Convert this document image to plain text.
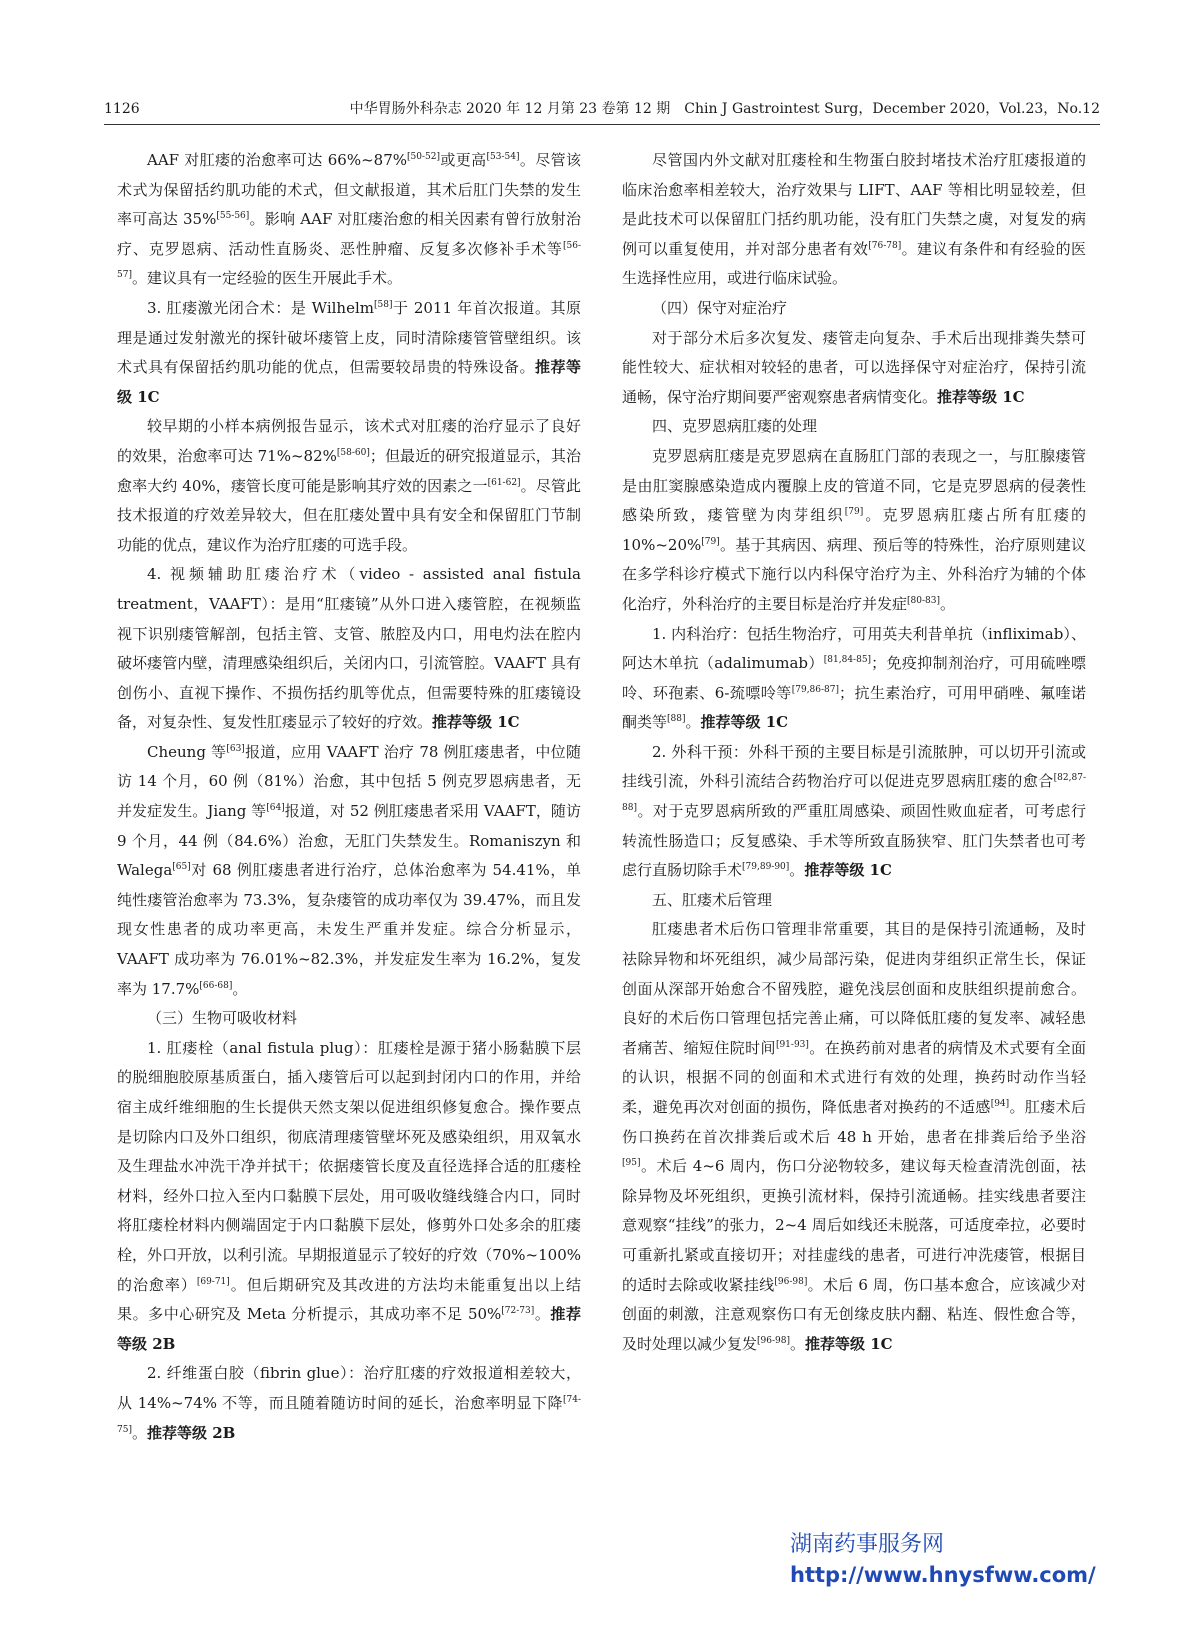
1126	中华胃肠外科杂志 2020 年 12 月第 23 卷第 12 期　Chin J Gastrointest Surg，December 2020，Vol.23，No.12

AAF 对肛瘘的治愈率可达 66%~87%[50-52]或更高[53-54]。尽管该术式为保留括约肌功能的术式，但文献报道，其术后肛门失禁的发生率可高达 35%[55-56]。影响 AAF 对肛瘘治愈的相关因素有曾行放射治疗、克罗恩病、活动性直肠炎、恶性肿瘤、反复多次修补手术等[56-57]。建议具有一定经验的医生开展此手术。

3. 肛瘘激光闭合术：是 Wilhelm[58]于 2011 年首次报道。其原理是通过发射激光的探针破坏瘘管上皮，同时清除瘘管管壁组织。该术式具有保留括约肌功能的优点，但需要较昂贵的特殊设备。推荐等级 1C

较早期的小样本病例报告显示，该术式对肛瘘的治疗显示了良好的效果，治愈率可达 71%~82%[58-60]；但最近的研究报道显示，其治愈率大约 40%，瘘管长度可能是影响其疗效的因素之一[61-62]。尽管此技术报道的疗效差异较大，但在肛瘘处置中具有安全和保留肛门节制功能的优点，建议作为治疗肛瘘的可选手段。

4. 视频辅助肛瘘治疗术（video - assisted anal fistula treatment，VAAFT）：是用“肛瘘镜”从外口进入瘘管腔，在视频监视下识别瘘管解剖，包括主管、支管、脓腔及内口，用电灼法在腔内破坏瘘管内壁，清理感染组织后，关闭内口，引流管腔。VAAFT 具有创伤小、直视下操作、不损伤括约肌等优点，但需要特殊的肛瘘镜设备，对复杂性、复发性肛瘘显示了较好的疗效。推荐等级 1C

Cheung 等[63]报道，应用 VAAFT 治疗 78 例肛瘘患者，中位随访 14 个月，60 例（81%）治愈，其中包括 5 例克罗恩病患者，无并发症发生。Jiang 等[64]报道，对 52 例肛瘘患者采用 VAAFT，随访 9 个月，44 例（84.6%）治愈，无肛门失禁发生。Romaniszyn 和 Walega[65]对 68 例肛瘘患者进行治疗，总体治愈率为 54.41%，单纯性瘘管治愈率为 73.3%，复杂瘘管的成功率仅为 39.47%，而且发现女性患者的成功率更高，未发生严重并发症。综合分析显示，VAAFT 成功率为 76.01%~82.3%，并发症发生率为 16.2%，复发率为 17.7%[66-68]。

（三）生物可吸收材料

1. 肛瘘栓（anal fistula plug）：肛瘘栓是源于猪小肠黏膜下层的脱细胞胶原基质蛋白，插入瘘管后可以起到封闭内口的作用，并给宿主成纤维细胞的生长提供天然支架以促进组织修复愈合。操作要点是切除内口及外口组织，彻底清理瘘管壁坏死及感染组织，用双氧水及生理盐水冲洗干净并拭干；依据瘘管长度及直径选择合适的肛瘘栓材料，经外口拉入至内口黏膜下层处，用可吸收缝线缝合内口，同时将肛瘘栓材料内侧端固定于内口黏膜下层处，修剪外口处多余的肛瘘栓，外口开放，以利引流。早期报道显示了较好的疗效（70%~100% 的治愈率）[69-71]。但后期研究及其改进的方法均未能重复出以上结果。多中心研究及 Meta 分析提示，其成功率不足 50%[72-73]。推荐等级 2B

2. 纤维蛋白胶（fibrin glue）：治疗肛瘘的疗效报道相差较大，从 14%~74% 不等，而且随着随访时间的延长，治愈率明显下降[74-75]。推荐等级 2B

尽管国内外文献对肛瘘栓和生物蛋白胶封堵技术治疗肛瘘报道的临床治愈率相差较大，治疗效果与 LIFT、AAF 等相比明显较差，但是此技术可以保留肛门括约肌功能，没有肛门失禁之虞，对复发的病例可以重复使用，并对部分患者有效[76-78]。建议有条件和有经验的医生选择性应用，或进行临床试验。

（四）保守对症治疗

对于部分术后多次复发、瘘管走向复杂、手术后出现排粪失禁可能性较大、症状相对较轻的患者，可以选择保守对症治疗，保持引流通畅，保守治疗期间要严密观察患者病情变化。推荐等级 1C

四、克罗恩病肛瘘的处理

克罗恩病肛瘘是克罗恩病在直肠肛门部的表现之一，与肛腺瘘管是由肛窦腺感染造成内覆腺上皮的管道不同，它是克罗恩病的侵袭性感染所致，瘘管壁为肉芽组织[79]。克罗恩病肛瘘占所有肛瘘的 10%~20%[79]。基于其病因、病理、预后等的特殊性，治疗原则建议在多学科诊疗模式下施行以内科保守治疗为主、外科治疗为辅的个体化治疗，外科治疗的主要目标是治疗并发症[80-83]。

1. 内科治疗：包括生物治疗，可用英夫利昔单抗（infliximab）、阿达木单抗（adalimumab）[81,84-85]；免疫抑制剂治疗，可用硫唑嘌呤、环孢素、6-巯嘌呤等[79,86-87]；抗生素治疗，可用甲硝唑、氟喹诺酮类等[88]。推荐等级 1C

2. 外科干预：外科干预的主要目标是引流脓肿，可以切开引流或挂线引流，外科引流结合药物治疗可以促进克罗恩病肛瘘的愈合[82,87-88]。对于克罗恩病所致的严重肛周感染、顽固性败血症者，可考虑行转流性肠造口；反复感染、手术等所致直肠狭窄、肛门失禁者也可考虑行直肠切除手术[79,89-90]。推荐等级 1C

五、肛瘘术后管理

肛瘘患者术后伤口管理非常重要，其目的是保持引流通畅，及时祛除异物和坏死组织，减少局部污染，促进肉芽组织正常生长，保证创面从深部开始愈合不留残腔，避免浅层创面和皮肤组织提前愈合。良好的术后伤口管理包括完善止痛，可以降低肛瘘的复发率、减轻患者痛苦、缩短住院时间[91-93]。在换药前对患者的病情及术式要有全面的认识，根据不同的创面和术式进行有效的处理，换药时动作当轻柔，避免再次对创面的损伤，降低患者对换药的不适感[94]。肛瘘术后伤口换药在首次排粪后或术后 48 h 开始，患者在排粪后给予坐浴[95]。术后 4~6 周内，伤口分泌物较多，建议每天检查清洗创面，祛除异物及坏死组织，更换引流材料，保持引流通畅。挂实线患者要注意观察“挂线”的张力，2~4 周后如线还未脱落，可适度牵拉，必要时可重新扎紧或直接切开；对挂虚线的患者，可进行冲洗瘘管，根据目的适时去除或收紧挂线[96-98]。术后 6 周，伤口基本愈合，应该减少对创面的刺激，注意观察伤口有无创缘皮肤内翻、粘连、假性愈合等，及时处理以减少复发[96-98]。推荐等级 1C

湖南药事服务网
http://www.hnysfww.com/
